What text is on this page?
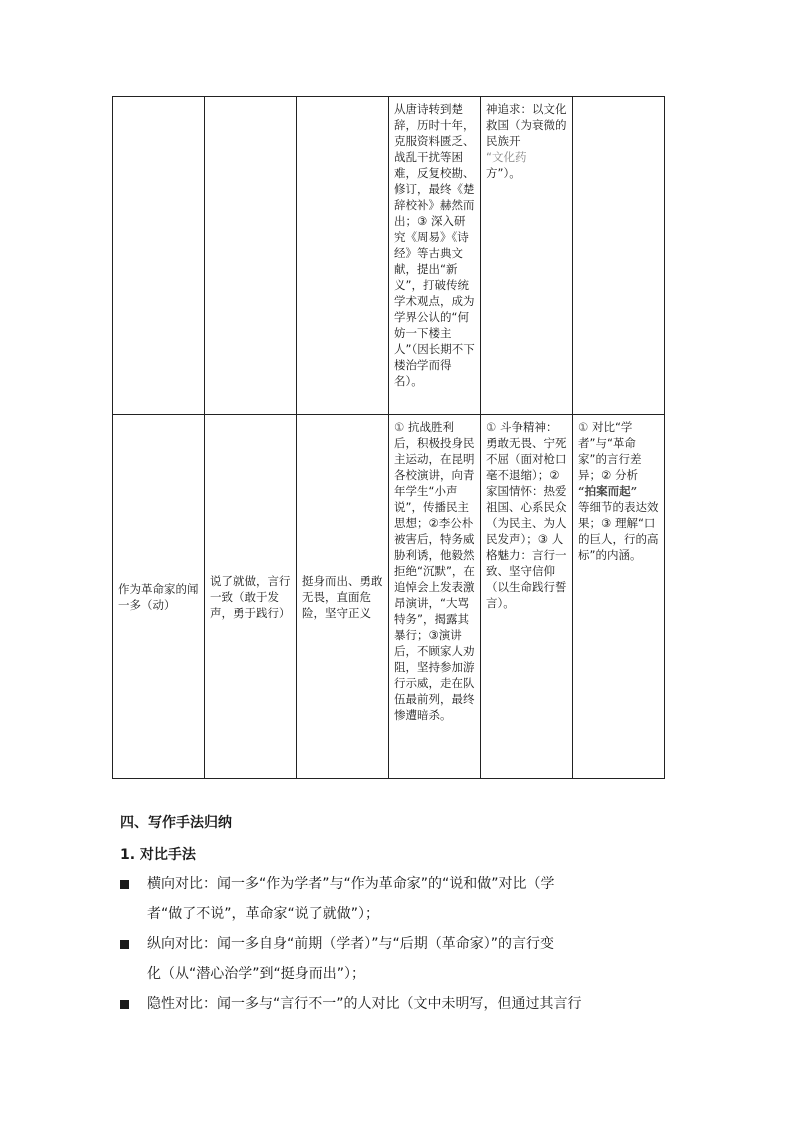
			从唐诗转到楚辞，历时十年，克服资料匮乏、战乱干扰等困难，反复校勘、修订，最终《楚辞校补》赫然而出；③ 深入研究《周易》《诗经》等古典文献，提出“新义”，打破传统学术观点，成为学界公认的“何妨一下楼主人”（因长期不下楼治学而得名）。	神追求：以文化救国（为衰微的民族开
“文化药
方”）。	
作为革命家的闻一多（动）	说了就做，言行一致（敢于发声，勇于践行）	挺身而出、勇敢无畏，直面危险，坚守正义	① 抗战胜利后，积极投身民主运动，在昆明各校演讲，向青年学生“小声说”，传播民主思想；②李公朴被害后，特务威胁利诱，他毅然拒绝“沉默”，在追悼会上发表激昂演讲，“大骂特务”，揭露其暴行；③演讲后，不顾家人劝阻，坚持参加游行示威，走在队伍最前列，最终惨遭暗杀。	① 斗争精神：勇敢无畏、宁死不屈（面对枪口毫不退缩）；②家国情怀：热爱祖国、心系民众（为民主、为人民发声）；③ 人格魅力：言行一致、坚守信仰（以生命践行誓言）。	① 对比“学者”与“革命家”的言行差异；② 分析
“拍案而起”
等细节的表达效果；③ 理解“口的巨人，行的高标”的内涵。
四、写作手法归纳
1. 对比手法
横向对比：闻一多“作为学者”与“作为革命家”的“说和做”对比（学
者“做了不说”，革命家“说了就做”）；
纵向对比：闻一多自身“前期（学者）”与“后期（革命家）”的言行变
化（从“潜心治学”到“挺身而出”）；
隐性对比：闻一多与“言行不一”的人对比（文中未明写，但通过其言行
